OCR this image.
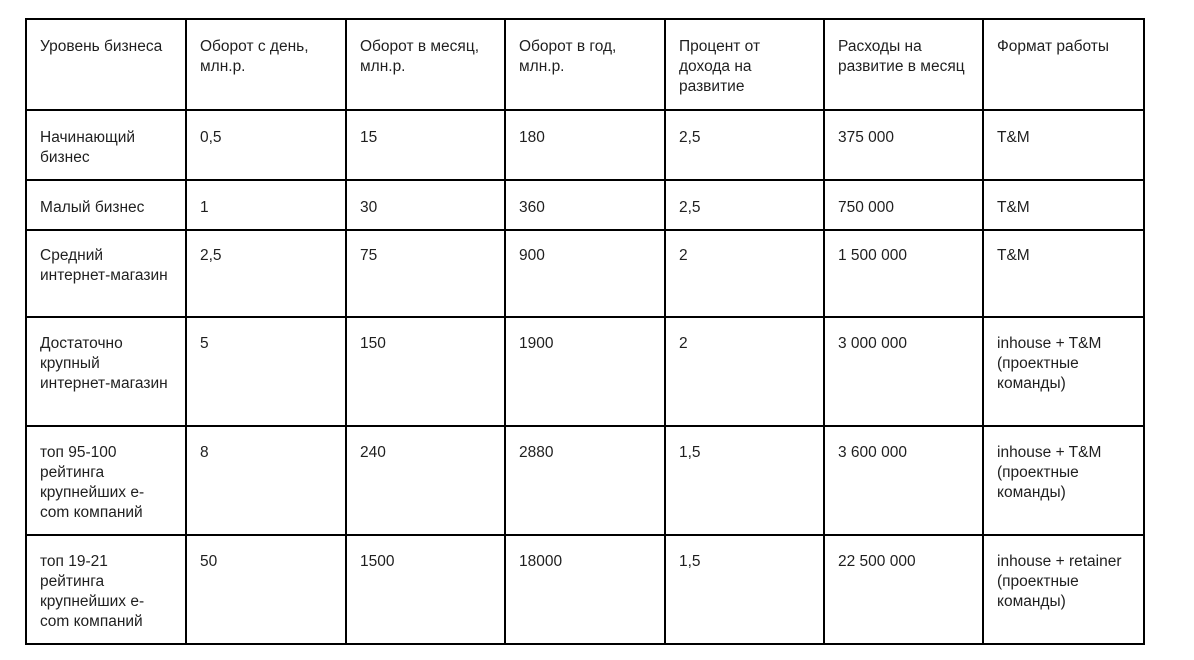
Уровень бизнеса	Оборот с день, млн.р.	Оборот в месяц, млн.р.	Оборот в год, млн.р.	Процент от дохода на развитие	Расходы на развитие в месяц	Формат работы
Начинающий бизнес	0,5	15	180	2,5	375 000	T&M
Малый бизнес	1	30	360	2,5	750 000	T&M
Средний интернет-магазин	2,5	75	900	2	1 500 000	T&M
Достаточно крупный интернет-магазин	5	150	1900	2	3 000 000	inhouse + T&M (проектные команды)
топ 95-100 рейтинга крупнейших e-com компаний	8	240	2880	1,5	3 600 000	inhouse + T&M (проектные команды)
топ 19-21 рейтинга крупнейших e-com компаний	50	1500	18000	1,5	22 500 000	inhouse + retainer (проектные команды)
